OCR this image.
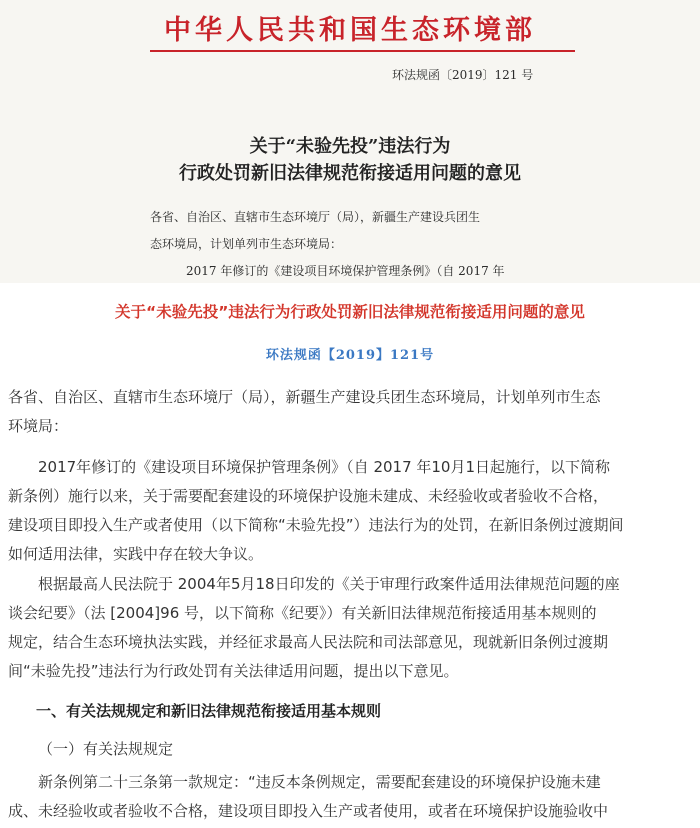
中华人民共和国生态环境部
环法规函〔2019〕121 号
关于“未验先投”违法行为
行政处罚新旧法律规范衔接适用问题的意见
各省、自治区、直辖市生态环境厅（局），新疆生产建设兵团生
态环境局，计划单列市生态环境局：
2017 年修订的《建设项目环境保护管理条例》（自 2017 年
关于“未验先投”违法行为行政处罚新旧法律规范衔接适用问题的意见
环法规函【2019】121号
各省、自治区、直辖市生态环境厅（局），新疆生产建设兵团生态环境局，计划单列市生态
环境局：
2017年修订的《建设项目环境保护管理条例》（自 2017 年10月1日起施行，以下简称
新条例）施行以来，关于需要配套建设的环境保护设施未建成、未经验收或者验收不合格，
建设项目即投入生产或者使用（以下简称“未验先投”）违法行为的处罚，在新旧条例过渡期间
如何适用法律，实践中存在较大争议。
根据最高人民法院于 2004年5月18日印发的《关于审理行政案件适用法律规范问题的座
谈会纪要》（法 [2004]96 号，以下简称《纪要》）有关新旧法律规范衔接适用基本规则的
规定，结合生态环境执法实践，并经征求最高人民法院和司法部意见，现就新旧条例过渡期
间“未验先投”违法行为行政处罚有关法律适用问题，提出以下意见。
一、有关法规规定和新旧法律规范衔接适用基本规则
（一）有关法规规定
新条例第二十三条第一款规定：“违反本条例规定，需要配套建设的环境保护设施未建
成、未经验收或者验收不合格，建设项目即投入生产或者使用，或者在环境保护设施验收中
